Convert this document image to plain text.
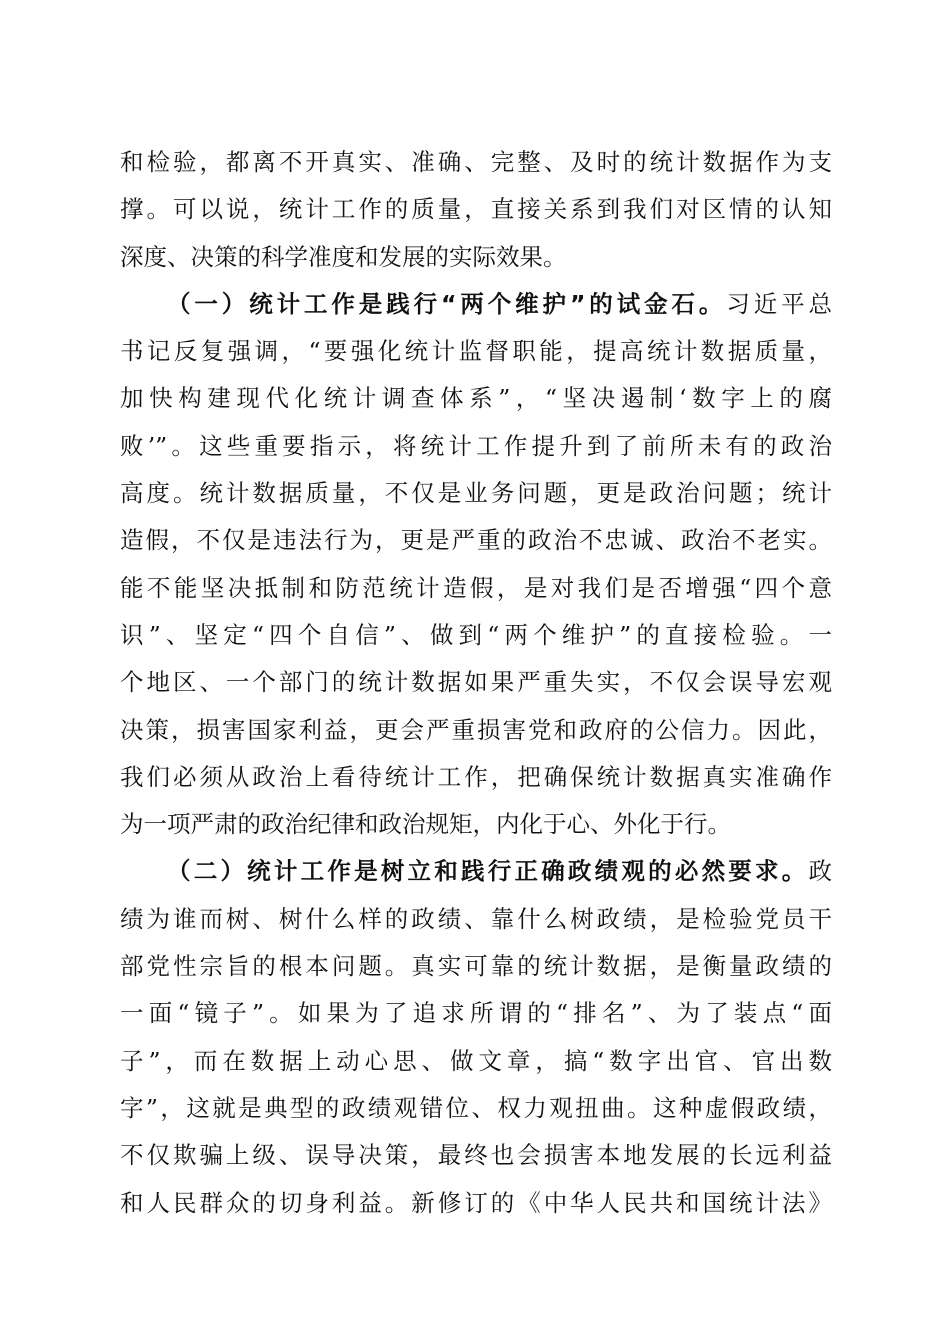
和检验，都离不开真实、准确、完整、及时的统计数据作为支
撑。可以说，统计工作的质量，直接关系到我们对区情的认知
深度、决策的科学准度和发展的实际效果。
（一）统计工作是践行“两个维护”的试金石。习近平总
书记反复强调，“要强化统计监督职能，提高统计数据质量，
加快构建现代化统计调查体系”，“坚决遏制‘数字上的腐
败’”。这些重要指示，将统计工作提升到了前所未有的政治
高度。统计数据质量，不仅是业务问题，更是政治问题；统计
造假，不仅是违法行为，更是严重的政治不忠诚、政治不老实。
能不能坚决抵制和防范统计造假，是对我们是否增强“四个意
识”、坚定“四个自信”、做到“两个维护”的直接检验。一
个地区、一个部门的统计数据如果严重失实，不仅会误导宏观
决策，损害国家利益，更会严重损害党和政府的公信力。因此，
我们必须从政治上看待统计工作，把确保统计数据真实准确作
为一项严肃的政治纪律和政治规矩，内化于心、外化于行。
（二）统计工作是树立和践行正确政绩观的必然要求。政
绩为谁而树、树什么样的政绩、靠什么树政绩，是检验党员干
部党性宗旨的根本问题。真实可靠的统计数据，是衡量政绩的
一面“镜子”。如果为了追求所谓的“排名”、为了装点“面
子”，而在数据上动心思、做文章，搞“数字出官、官出数
字”，这就是典型的政绩观错位、权力观扭曲。这种虚假政绩，
不仅欺骗上级、误导决策，最终也会损害本地发展的长远利益
和人民群众的切身利益。新修订的《中华人民共和国统计法》
